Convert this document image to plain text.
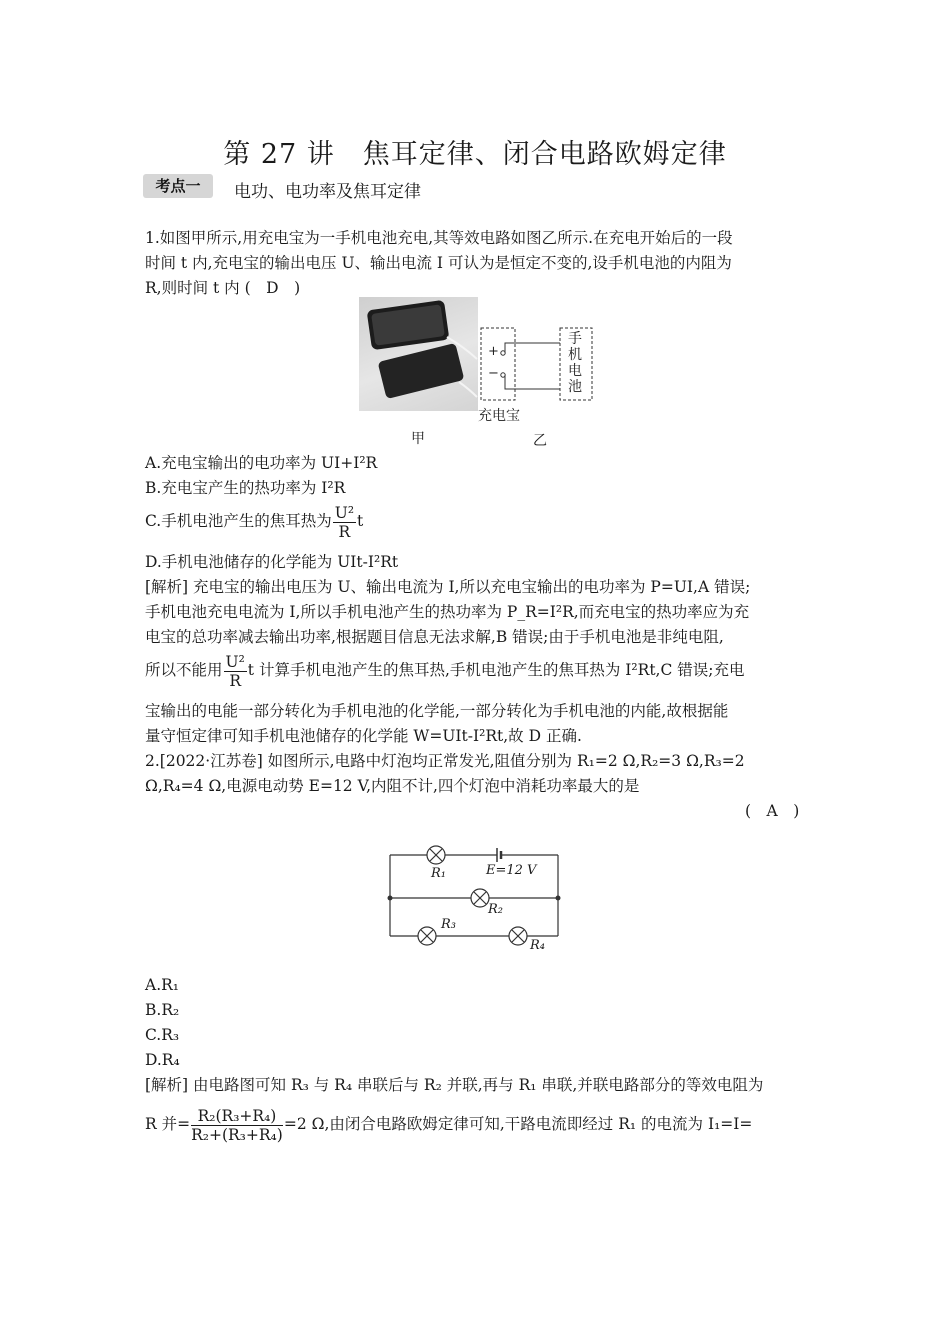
第 27 讲　焦耳定律、闭合电路欧姆定律
考点一	电功、电功率及焦耳定律
1.如图甲所示,用充电宝为一手机电池充电,其等效电路如图乙所示.在充电开始后的一段
时间 t 内,充电宝的输出电压 U、输出电流 I 可认为是恒定不变的,设手机电池的内阻为
R,则时间 t 内 (　D　)
+
−
手
机
电
池
充电宝
甲	乙
A.充电宝输出的电功率为 UI+I²R
B.充电宝产生的热功率为 I²R
C.手机电池产生的焦耳热为 $\frac{\text{U²}}{R}$ t
D.手机电池储存的化学能为 UIt-I²Rt
[解析] 充电宝的输出电压为 U、输出电流为 I,所以充电宝输出的电功率为 P=UI,A 错误;
手机电池充电电流为 I,所以手机电池产生的热功率为 P_R=I²R,而充电宝的热功率应为充
电宝的总功率减去输出功率,根据题目信息无法求解,B 错误;由于手机电池是非纯电阻,
所以不能用 $\frac{\text{U²}}{R}$ t 计算手机电池产生的焦耳热,手机电池产生的焦耳热为 I²Rt,C 错误;充电
宝输出的电能一部分转化为手机电池的化学能,一部分转化为手机电池的内能,故根据能
量守恒定律可知手机电池储存的化学能 W=UIt-I²Rt,故 D 正确.
2.[2022·江苏卷] 如图所示,电路中灯泡均正常发光,阻值分别为 R₁=2 Ω,R₂=3 Ω,R₃=2
Ω,R₄=4 Ω,电源电动势 E=12 V,内阻不计,四个灯泡中消耗功率最大的是
(　A　)
R₁	E=12 V
R₂
R₃
R₄
A.R₁
B.R₂
C.R₃
D.R₄
[解析] 由电路图可知 R₃ 与 R₄ 串联后与 R₂ 并联,再与 R₁ 串联,并联电路部分的等效电阻为
R 并= $\frac{\text{R₂(R₃+R₄)}}{\text{R₂+(R₃+R₄)}} =2$ Ω,由闭合电路欧姆定律可知,干路电流即经过 R₁ 的电流为 I₁=I=
